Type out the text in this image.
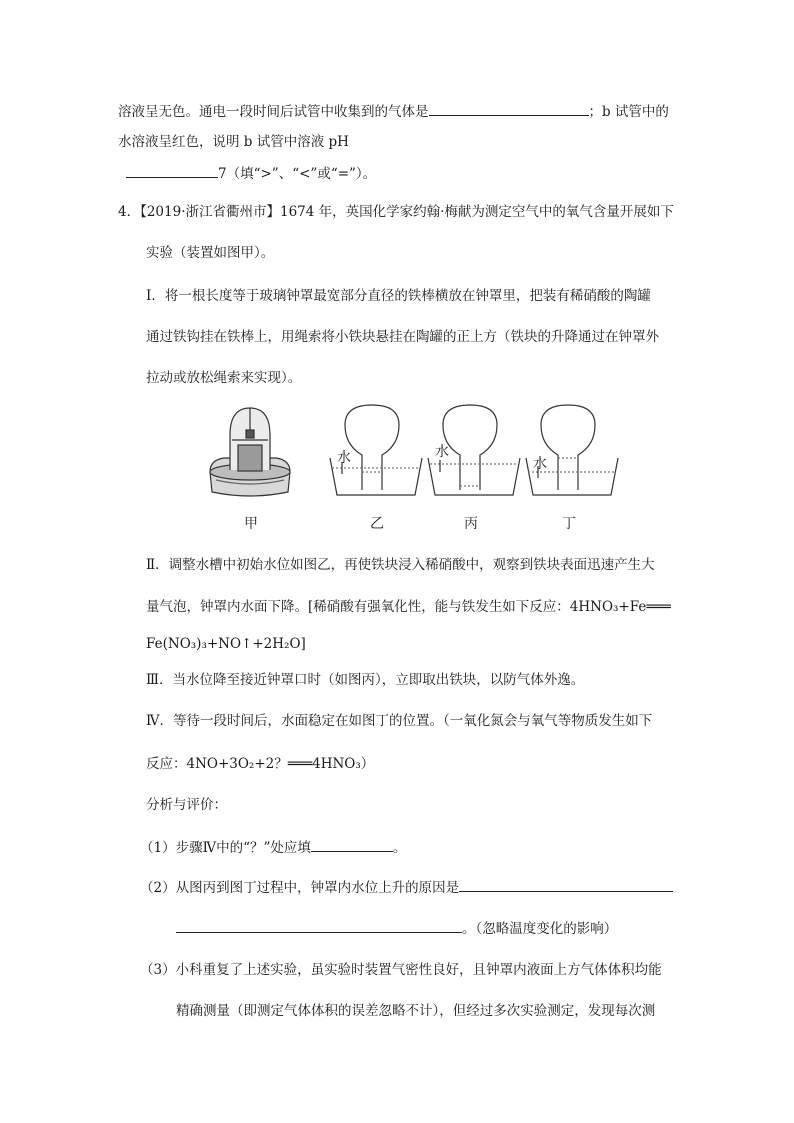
溶液呈无色。通电一段时间后试管中收集到的气体是	；b 试管中的
水溶液呈红色，说明 b 试管中溶液 pH
7（填“>”、“<”或“=”）。
4．【2019·浙江省衢州市】1674 年，英国化学家约翰·梅献为测定空气中的氧气含量开展如下
实验（装置如图甲）。
Ⅰ．将一根长度等于玻璃钟罩最宽部分直径的铁棒横放在钟罩里，把装有稀硝酸的陶罐
通过铁钩挂在铁棒上，用绳索将小铁块悬挂在陶罐的正上方（铁块的升降通过在钟罩外
拉动或放松绳索来实现）。
水	水
水
甲	乙	丙	丁
Ⅱ．调整水槽中初始水位如图乙，再使铁块浸入稀硝酸中，观察到铁块表面迅速产生大
量气泡，钟罩内水面下降。[稀硝酸有强氧化性，能与铁发生如下反应：4HNO₃+Fe═══
Fe(NO₃)₃+NO↑+2H₂O]
Ⅲ．当水位降至接近钟罩口时（如图丙），立即取出铁块，以防气体外逸。
Ⅳ．等待一段时间后，水面稳定在如图丁的位置。（一氧化氮会与氧气等物质发生如下
反应：4NO+3O₂+2？═══4HNO₃）
分析与评价：
（1）步骤Ⅳ中的“？”处应填	。
（2）从图丙到图丁过程中，钟罩内水位上升的原因是
。（忽略温度变化的影响）
（3）小科重复了上述实验，虽实验时装置气密性良好，且钟罩内液面上方气体体积均能
精确测量（即测定气体体积的误差忽略不计），但经过多次实验测定，发现每次测
